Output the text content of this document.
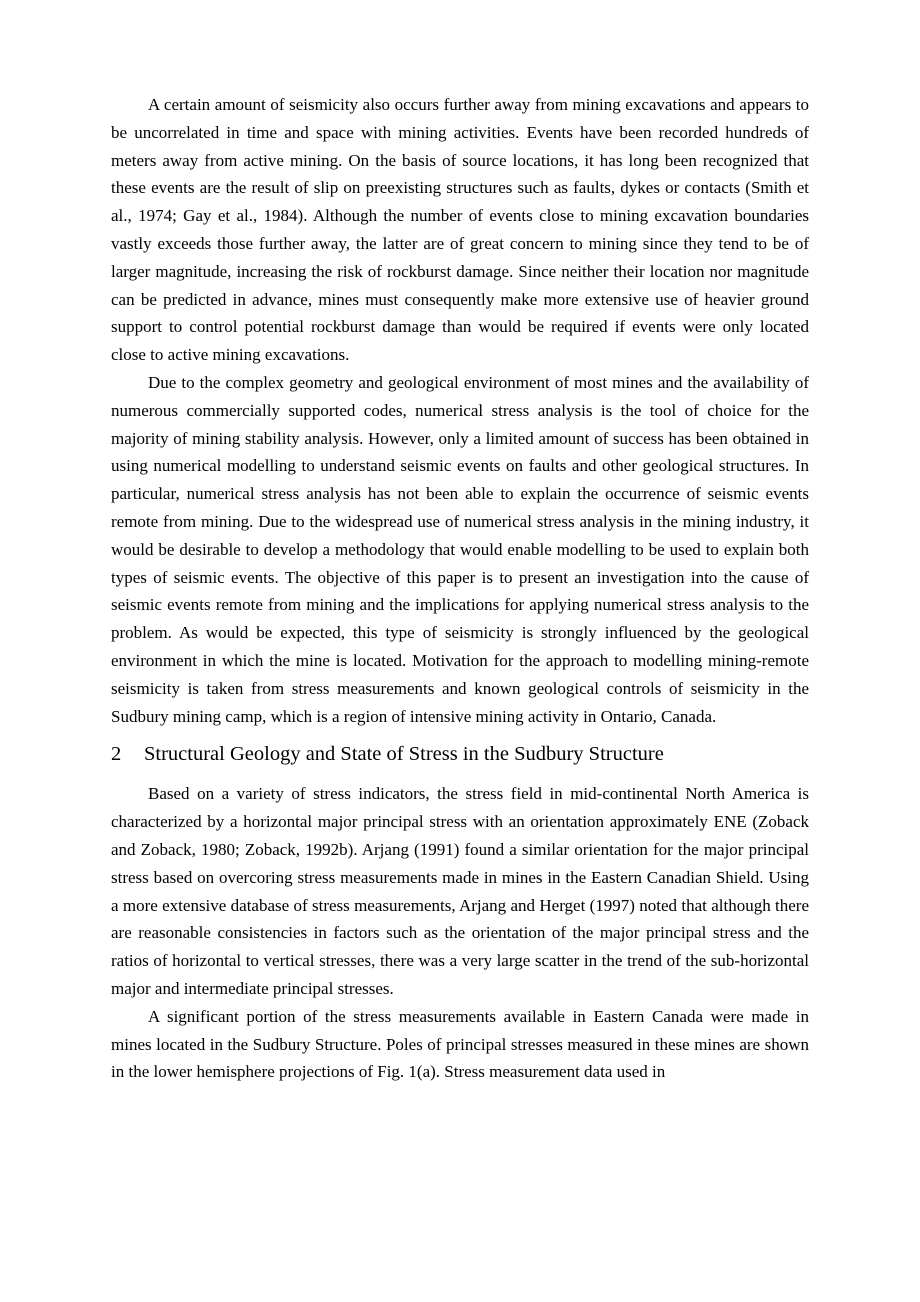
A certain amount of seismicity also occurs further away from mining excavations and appears to be uncorrelated in time and space with mining activities. Events have been recorded hundreds of meters away from active mining. On the basis of source locations, it has long been recognized that these events are the result of slip on preexisting structures such as faults, dykes or contacts (Smith et al., 1974; Gay et al., 1984). Although the number of events close to mining excavation boundaries vastly exceeds those further away, the latter are of great concern to mining since they tend to be of larger magnitude, increasing the risk of rockburst damage. Since neither their location nor magnitude can be predicted in advance, mines must consequently make more extensive use of heavier ground support to control potential rockburst damage than would be required if events were only located close to active mining excavations.

Due to the complex geometry and geological environment of most mines and the availability of numerous commercially supported codes, numerical stress analysis is the tool of choice for the majority of mining stability analysis. However, only a limited amount of success has been obtained in using numerical modelling to understand seismic events on faults and other geological structures. In particular, numerical stress analysis has not been able to explain the occurrence of seismic events remote from mining. Due to the widespread use of numerical stress analysis in the mining industry, it would be desirable to develop a methodology that would enable modelling to be used to explain both types of seismic events. The objective of this paper is to present an investigation into the cause of seismic events remote from mining and the implications for applying numerical stress analysis to the problem. As would be expected, this type of seismicity is strongly influenced by the geological environment in which the mine is located. Motivation for the approach to modelling mining-remote seismicity is taken from stress measurements and known geological controls of seismicity in the Sudbury mining camp, which is a region of intensive mining activity in Ontario, Canada.

2	Structural Geology and State of Stress in the Sudbury Structure

Based on a variety of stress indicators, the stress field in mid-continental North America is characterized by a horizontal major principal stress with an orientation approximately ENE (Zoback and Zoback, 1980; Zoback, 1992b). Arjang (1991) found a similar orientation for the major principal stress based on overcoring stress measurements made in mines in the Eastern Canadian Shield. Using a more extensive database of stress measurements, Arjang and Herget (1997) noted that although there are reasonable consistencies in factors such as the orientation of the major principal stress and the ratios of horizontal to vertical stresses, there was a very large scatter in the trend of the sub-horizontal major and intermediate principal stresses.

A significant portion of the stress measurements available in Eastern Canada were made in mines located in the Sudbury Structure. Poles of principal stresses measured in these mines are shown in the lower hemisphere projections of Fig. 1(a). Stress measurement data used in
